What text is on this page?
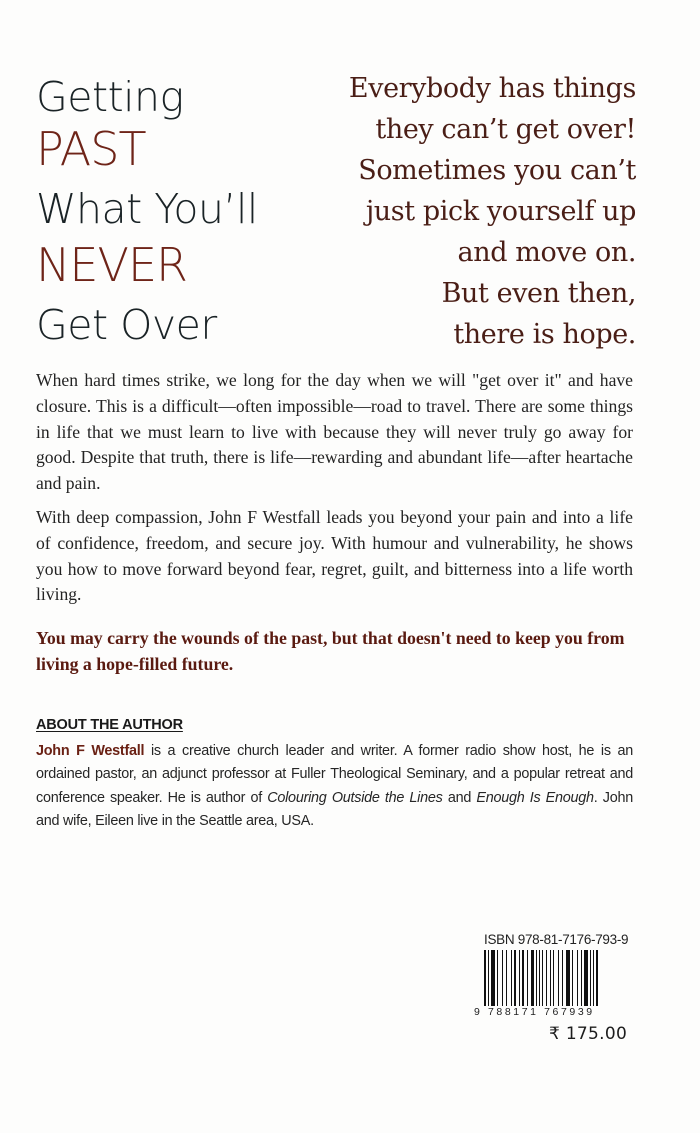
Getting
PAST
What You’ll
NEVER
Get Over
Everybody has things
they can’t get over!
Sometimes you can’t
just pick yourself up
and move on.
But even then,
there is hope.

When hard times strike, we long for the day when we will "get over it" and have closure. This is a difficult—often impossible—road to travel. There are some things in life that we must learn to live with because they will never truly go away for good. Despite that truth, there is life—rewarding and abundant life—after heartache and pain.

With deep compassion, John F Westfall leads you beyond your pain and into a life of confidence, freedom, and secure joy. With humour and vulnerability, he shows you how to move forward beyond fear, regret, guilt, and bitterness into a life worth living.

You may carry the wounds of the past, but that doesn't need to keep you from living a hope-filled future.
ABOUT THE AUTHOR
John F Westfall is a creative church leader and writer. A former radio show host, he is an ordained pastor, an adjunct professor at Fuller Theological Seminary, and a popular retreat and conference speaker. He is author of Colouring Outside the Lines and Enough Is Enough. John and wife, Eileen live in the Seattle area, USA.
ISBN 978-81-7176-793-9
9 788171 767939
₹ 175.00
